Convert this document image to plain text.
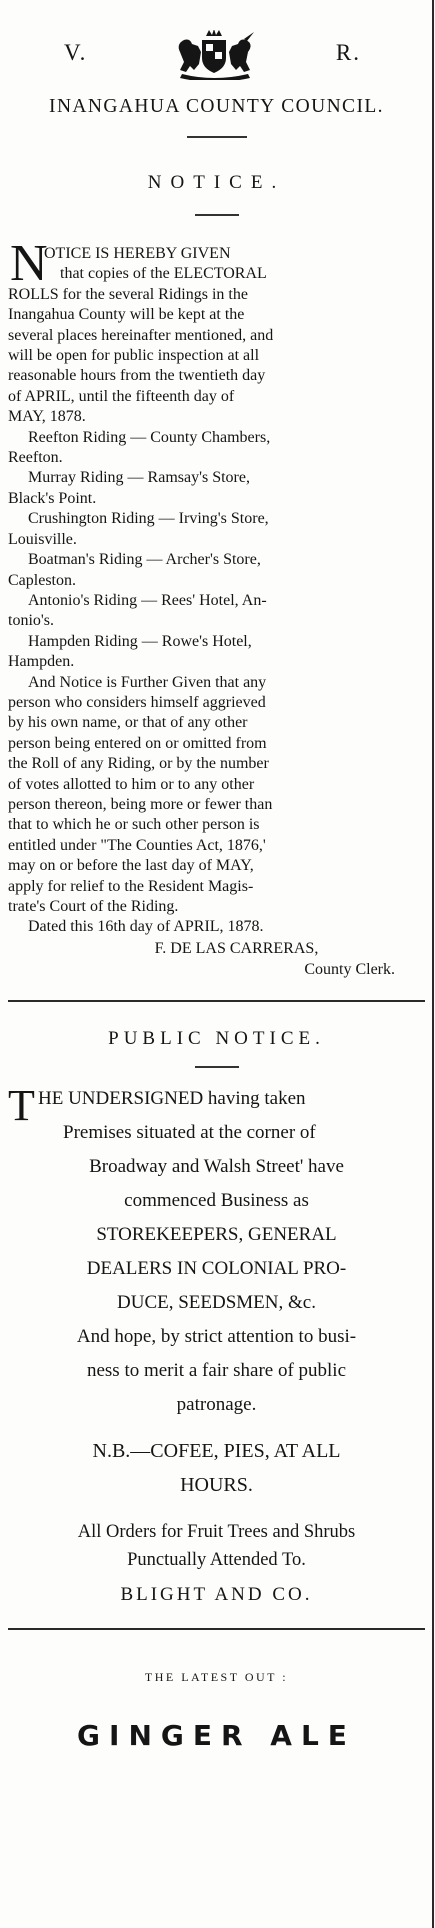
V.	R.
INANGAHUA COUNTY COUNCIL.
NOTICE.
N
OTICE IS HEREBY GIVEN
that copies of the ELECTORAL
ROLLS for the several Ridings in the
Inangahua County will be kept at the
several places hereinafter mentioned, and
will be open for public inspection at all
reasonable hours from the twentieth day
of APRIL, until the fifteenth day of
MAY, 1878.
Reefton Riding — County Chambers,
Reefton.
Murray Riding — Ramsay's Store,
Black's Point.
Crushington Riding — Irving's Store,
Louisville.
Boatman's Riding — Archer's Store,
Capleston.
Antonio's Riding — Rees' Hotel, An-
tonio's.
Hampden Riding — Rowe's Hotel,
Hampden.
And Notice is Further Given that any
person who considers himself aggrieved
by his own name, or that of any other
person being entered on or omitted from
the Roll of any Riding, or by the number
of votes allotted to him or to any other
person thereon, being more or fewer than
that to which he or such other person is
entitled under "The Counties Act, 1876,'
may on or before the last day of MAY,
apply for relief to the Resident Magis-
trate's Court of the Riding.
Dated this 16th day of APRIL, 1878.
F. DE LAS CARRERAS,
County Clerk.
PUBLIC NOTICE.
T HE UNDERSIGNED having taken
Premises situated at the corner of
Broadway and Walsh Street' have
commenced Business as
STOREKEEPERS, GENERAL
DEALERS IN COLONIAL PRO-
DUCE, SEEDSMEN, &c.
And hope, by strict attention to busi-
ness to merit a fair share of public
patronage.
N.B.—COFEE, PIES, AT ALL
HOURS.
All Orders for Fruit Trees and Shrubs
Punctually Attended To.
BLIGHT AND CO.
THE LATEST OUT :
GINGER ALE
